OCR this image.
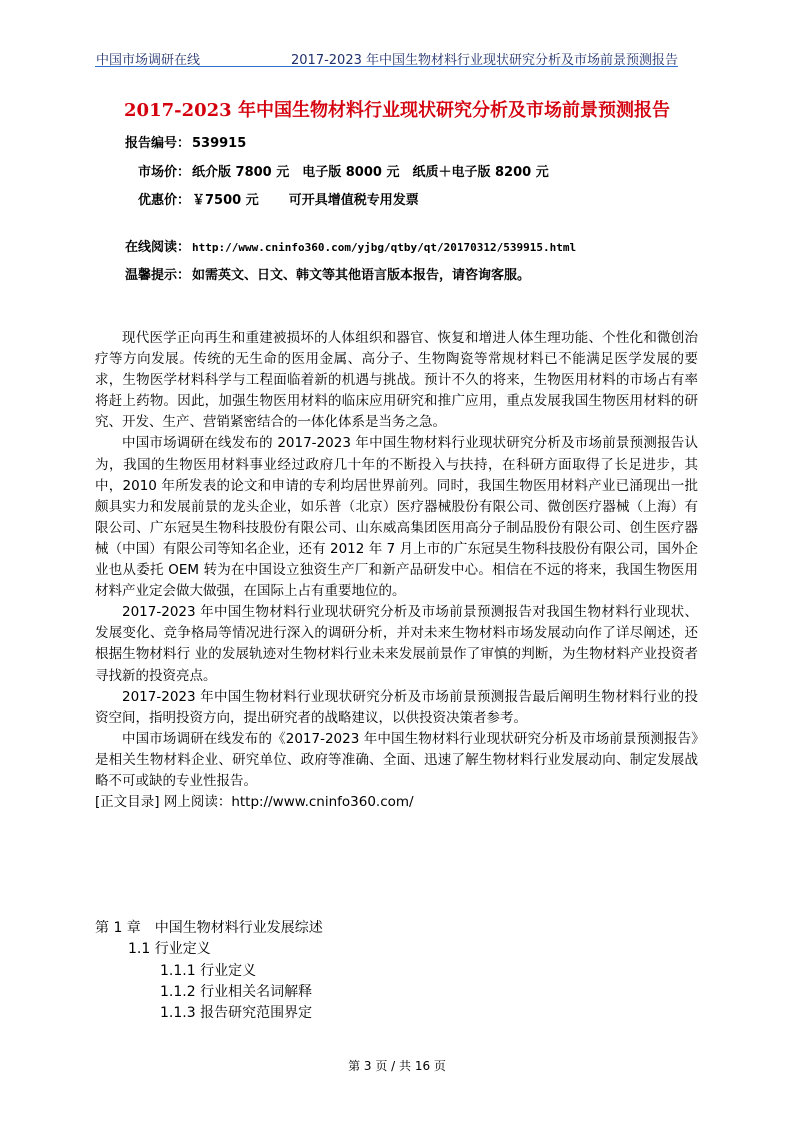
中国市场调研在线	2017-2023 年中国生物材料行业现状研究分析及市场前景预测报告
2017-2023 年中国生物材料行业现状研究分析及市场前景预测报告
报告编号： 539915
市场价： 纸介版 7800 元　电子版 8000 元　纸质＋电子版 8200 元
优惠价： ￥7500 元 可开具增值税专用发票
在线阅读： http://www.cninfo360.com/yjbg/qtby/qt/20170312/539915.html
温馨提示： 如需英文、日文、韩文等其他语言版本报告，请咨询客服。

现代医学正向再生和重建被损坏的人体组织和器官、恢复和增进人体生理功能、个性化和微创治疗等方向发展。传统的无生命的医用金属、高分子、生物陶瓷等常规材料已不能满足医学发展的要求，生物医学材料科学与工程面临着新的机遇与挑战。预计不久的将来，生物医用材料的市场占有率将赶上药物。因此，加强生物医用材料的临床应用研究和推广应用，重点发展我国生物医用材料的研究、开发、生产、营销紧密结合的一体化体系是当务之急。

中国市场调研在线发布的 2017-2023 年中国生物材料行业现状研究分析及市场前景预测报告认为，我国的生物医用材料事业经过政府几十年的不断投入与扶持，在科研方面取得了长足进步，其中，2010 年所发表的论文和申请的专利均居世界前列。同时，我国生物医用材料产业已涌现出一批颇具实力和发展前景的龙头企业，如乐普（北京）医疗器械股份有限公司、微创医疗器械（上海）有限公司、广东冠昊生物科技股份有限公司、山东威高集团医用高分子制品股份有限公司、创生医疗器械（中国）有限公司等知名企业，还有 2012 年 7 月上市的广东冠昊生物科技股份有限公司，国外企业也从委托 OEM 转为在中国设立独资生产厂和新产品研发中心。相信在不远的将来，我国生物医用材料产业定会做大做强，在国际上占有重要地位的。

2017-2023 年中国生物材料行业现状研究分析及市场前景预测报告对我国生物材料行业现状、发展变化、竞争格局等情况进行深入的调研分析，并对未来生物材料市场发展动向作了详尽阐述，还根据生物材料行 业的发展轨迹对生物材料行业未来发展前景作了审慎的判断，为生物材料产业投资者寻找新的投资亮点。

2017-2023 年中国生物材料行业现状研究分析及市场前景预测报告最后阐明生物材料行业的投资空间，指明投资方向，提出研究者的战略建议，以供投资决策者参考。

中国市场调研在线发布的《2017-2023 年中国生物材料行业现状研究分析及市场前景预测报告》是相关生物材料企业、研究单位、政府等准确、全面、迅速了解生物材料行业发展动向、制定发展战略不可或缺的专业性报告。

[正文目录] 网上阅读：http://www.cninfo360.com/

第 1 章　中国生物材料行业发展综述
1.1 行业定义
1.1.1 行业定义
1.1.2 行业相关名词解释
1.1.3 报告研究范围界定
第 3 页 / 共 16 页
